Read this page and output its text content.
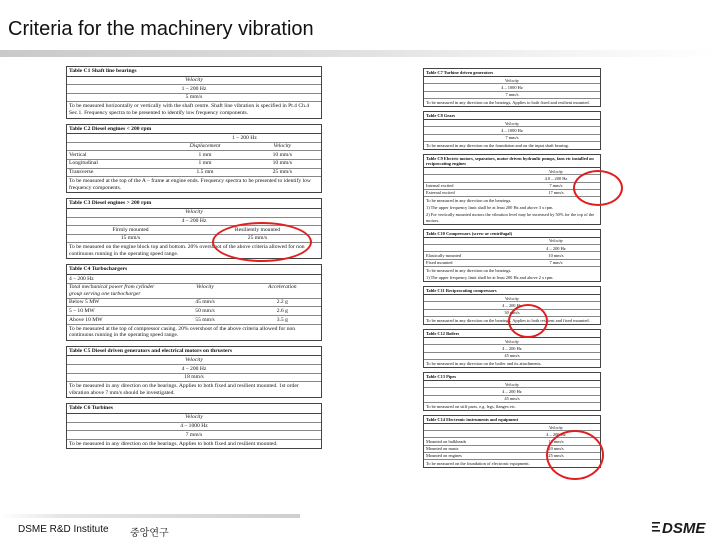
Criteria for the machinery vibration
Table C1 Shaft line bearings
Velocity
1 – 200 Hz
5 mm/s
To be measured horizontally or vertically with the shaft centre. Shaft line vibration is specified in Pt.4 Ch.4 Sec.1. Frequency spectra to be presented to identify low frequency components.
Table C2 Diesel engines < 200 rpm
1 – 200 Hz
Displacement	Velocity
Vertical	1 mm	10 mm/s
Longitudinal	1 mm	10 mm/s
Transverse	1.5 mm	25 mm/s
To be measured at the top of the A – frame at engine ends. Frequency spectra to be presented to identify low frequency components.
Table C3 Diesel engines > 200 rpm
Velocity
4 – 200 Hz
Firmly mounted	Resiliently mounted
15 mm/s	25 mm/s
To be measured on the engine block top and bottom. 20% overshoot of the above criteria allowed for non continuous running in the operating speed range.
Table C4 Turbochargers
4 – 200 Hz
Total mechanical power from cylinder group serving one turbocharger
Velocity	Acceleration
Below 5 MW	45 mm/s	2.2 g
5 – 10 MW	50 mm/s	2.6 g
Above 10 MW	55 mm/s	3.5 g
To be measured at the top of compressor casing. 20% overshoot of the above criteria allowed for non continuous running in the operating speed range.
Table C5 Diesel driven generators and electrical motors on thrusters
Velocity
4 – 200 Hz
18 mm/s
To be measured in any direction on the bearings. Applies to both fixed and resilient mounted. 1st order vibration above 7 mm/s should be investigated.
Table C6 Turbines
Velocity
4 – 1000 Hz
7 mm/s
To be measured in any direction on the bearings. Applies to both fixed and resilient mounted.
Table C7 Turbine driven generators
Velocity
4 – 1000 Hz
7 mm/s
To be measured in any direction on the bearings. Applies to both fixed and resilient mounted.
Table C8 Gears
Velocity
4 – 1000 Hz
7 mm/s
To be measured in any direction on the foundation and on the input shaft bearing.
Table C9 Electric motors, separators, motor driven hydraulic pumps, fans etc installed on reciprocating engines
Velocity
4.0 – 200 Hz
Internal excited	7 mm/s
External excited	17 mm/s
To be measured in any direction on the bearings.
1) The upper frequency limit shall be at least 200 Hz and above 3 x rpm.
2) For vertically mounted motors the vibration level may be increased by 50% for the top of the motors.
Table C10 Compressors (screw or centrifugal)
Velocity
4 – 200 Hz
Elastically mounted	10 mm/s
Fixed mounted	7 mm/s
To be measured in any direction on the bearings.
1) The upper frequency limit shall be at least 200 Hz and above 2 x rpm.
Table C11 Reciprocating compressors
Velocity
4 – 200 Hz
30 mm/s
To be measured in any direction on the bearings. Applies to both resilient and fixed mounted.
Table C12 Boilers
Velocity
4 – 200 Hz
45 mm/s
To be measured in any direction on the boiler and its attachments.
Table C13 Pipes
Velocity
4 – 200 Hz
45 mm/s
To be measured on stiff parts, e.g. legs, flanges etc.
Table C14 Electronic instruments and equipment
Velocity
4 – 200 Hz
Mounted on bulkheads	12 mm/s
Mounted on masts	20 mm/s
Mounted on engines	25 mm/s
To be measured on the foundation of electronic equipment.
DSME R&D Institute 중앙연구	DSME
